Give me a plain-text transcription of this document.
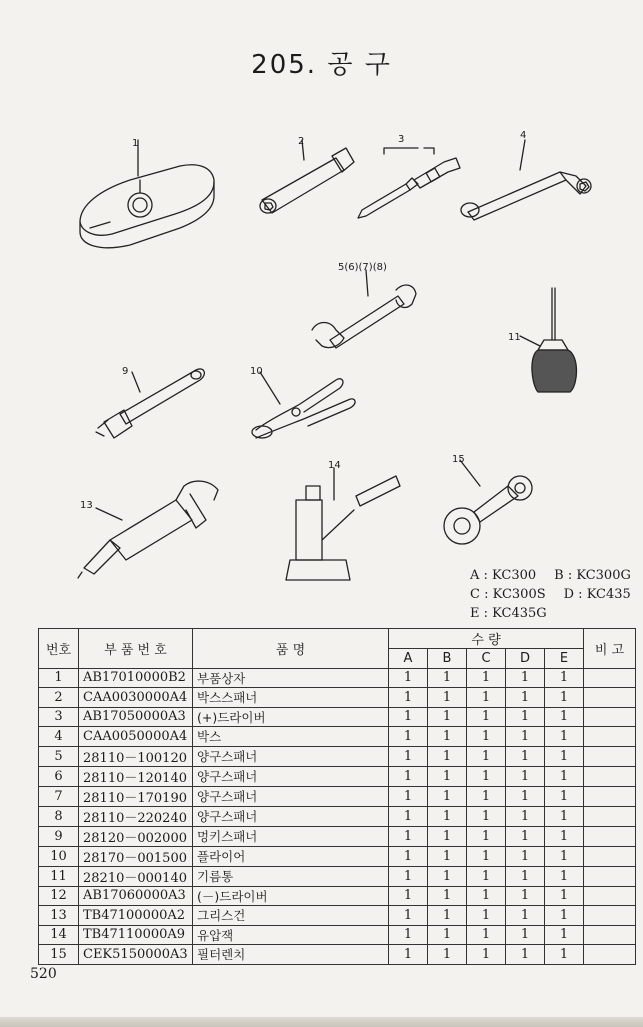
205. 공 구
1	2	3	4
5(6)(7)(8)
9	10
11
13
14
15
A : KC300 B : KC300G
C : KC300S D : KC435
E : KC435G
번호	부 품 번 호	품 명	수 량					비 고
			A	B	C	D	E	
1	AB17010000B2	부품상자	1	1	1	1	1	
2	CAA0030000A4	박스스패너	1	1	1	1	1	
3	AB17050000A3	(+)드라이버	1	1	1	1	1	
4	CAA0050000A4	박스	1	1	1	1	1	
5	28110－100120	양구스패너	1	1	1	1	1	
6	28110－120140	양구스패너	1	1	1	1	1	
7	28110－170190	양구스패너	1	1	1	1	1	
8	28110－220240	양구스패너	1	1	1	1	1	
9	28120－002000	멍키스패너	1	1	1	1	1	
10	28170－001500	플라이어	1	1	1	1	1	
11	28210－000140	기름통	1	1	1	1	1	
12	AB17060000A3	(－)드라이버	1	1	1	1	1	
13	TB47100000A2	그리스건	1	1	1	1	1	
14	TB47110000A9	유압잭	1	1	1	1	1	
15	CEK5150000A3	필터렌치	1	1	1	1	1	
520
